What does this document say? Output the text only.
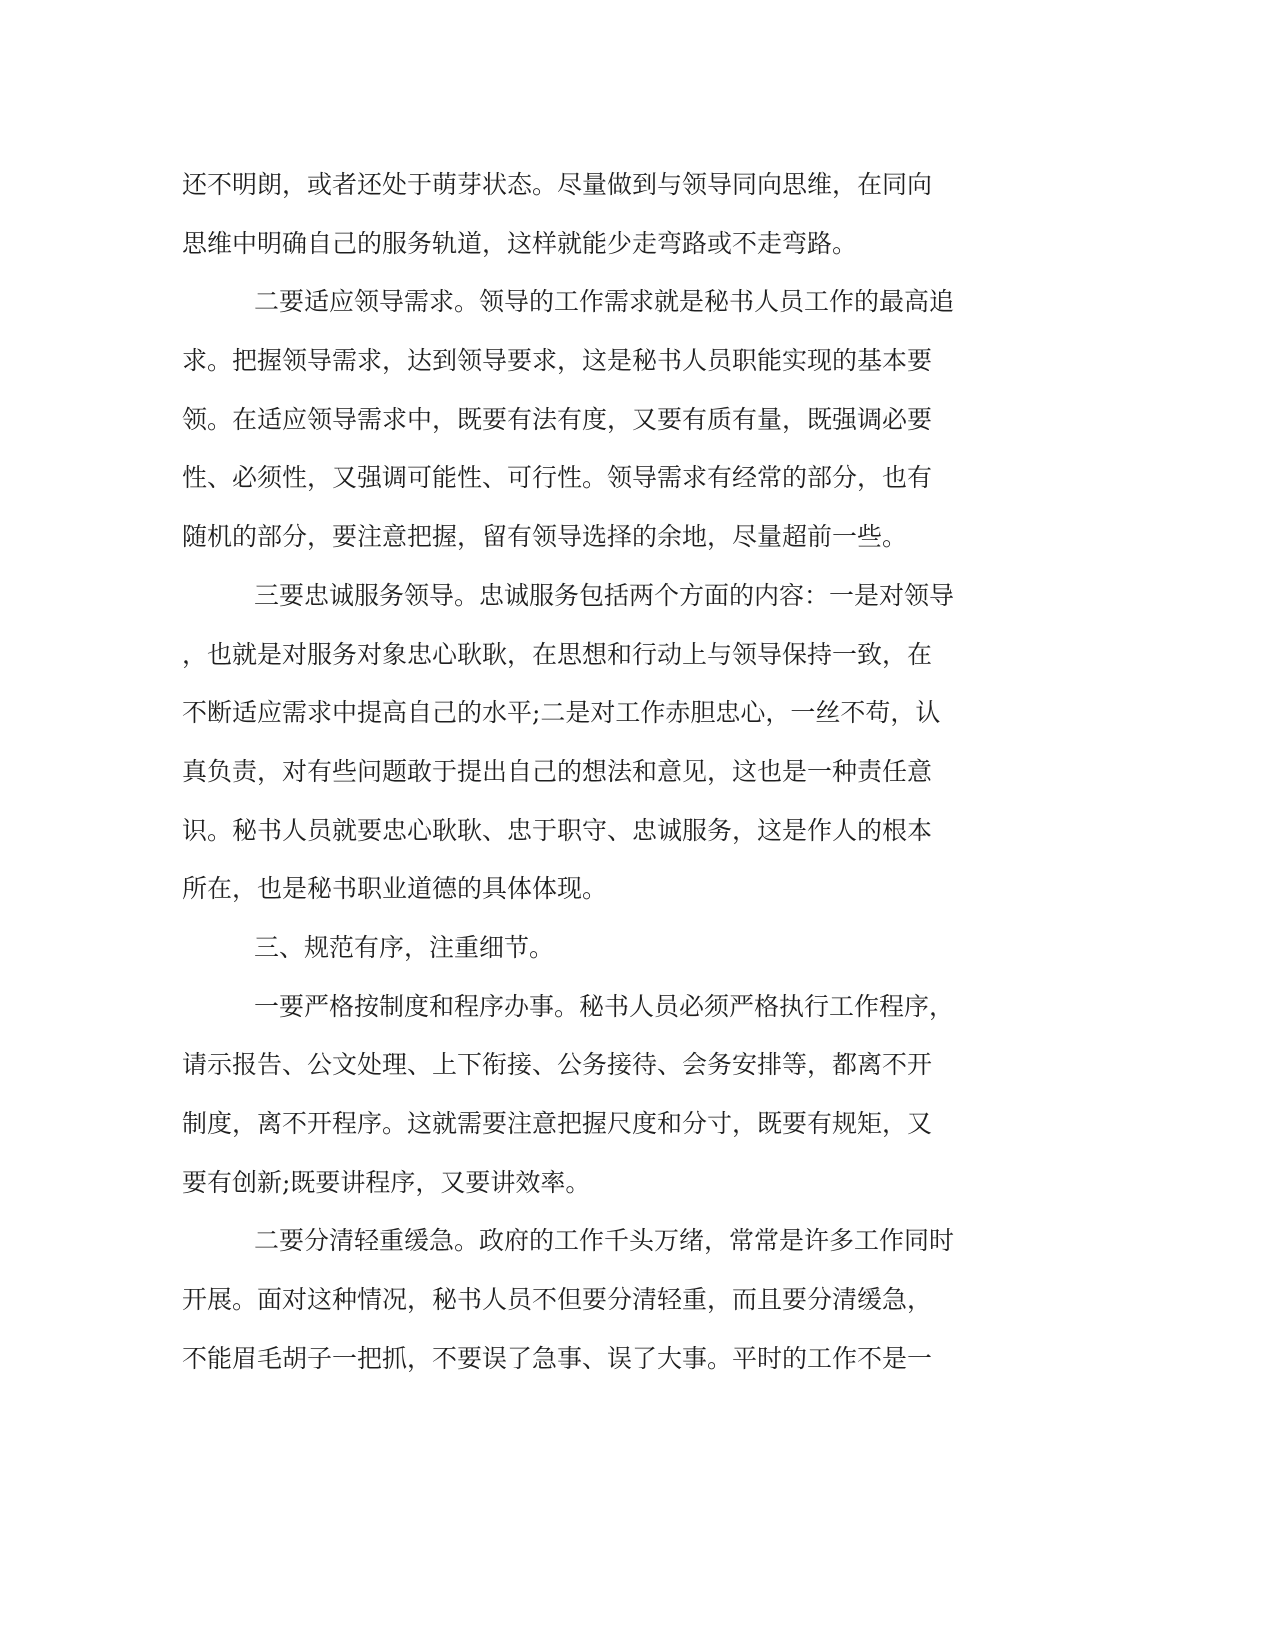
还不明朗，或者还处于萌芽状态。尽量做到与领导同向思维，在同向

思维中明确自己的服务轨道，这样就能少走弯路或不走弯路。

二要适应领导需求。领导的工作需求就是秘书人员工作的最高追

求。把握领导需求，达到领导要求，这是秘书人员职能实现的基本要

领。在适应领导需求中，既要有法有度，又要有质有量，既强调必要

性、必须性，又强调可能性、可行性。领导需求有经常的部分，也有

随机的部分，要注意把握，留有领导选择的余地，尽量超前一些。

三要忠诚服务领导。忠诚服务包括两个方面的内容：一是对领导

，也就是对服务对象忠心耿耿，在思想和行动上与领导保持一致，在

不断适应需求中提高自己的水平;二是对工作赤胆忠心，一丝不苟，认

真负责，对有些问题敢于提出自己的想法和意见，这也是一种责任意

识。秘书人员就要忠心耿耿、忠于职守、忠诚服务，这是作人的根本

所在，也是秘书职业道德的具体体现。

三、规范有序，注重细节。

一要严格按制度和程序办事。秘书人员必须严格执行工作程序，

请示报告、公文处理、上下衔接、公务接待、会务安排等，都离不开

制度，离不开程序。这就需要注意把握尺度和分寸，既要有规矩，又

要有创新;既要讲程序，又要讲效率。

二要分清轻重缓急。政府的工作千头万绪，常常是许多工作同时

开展。面对这种情况，秘书人员不但要分清轻重，而且要分清缓急，

不能眉毛胡子一把抓，不要误了急事、误了大事。平时的工作不是一
